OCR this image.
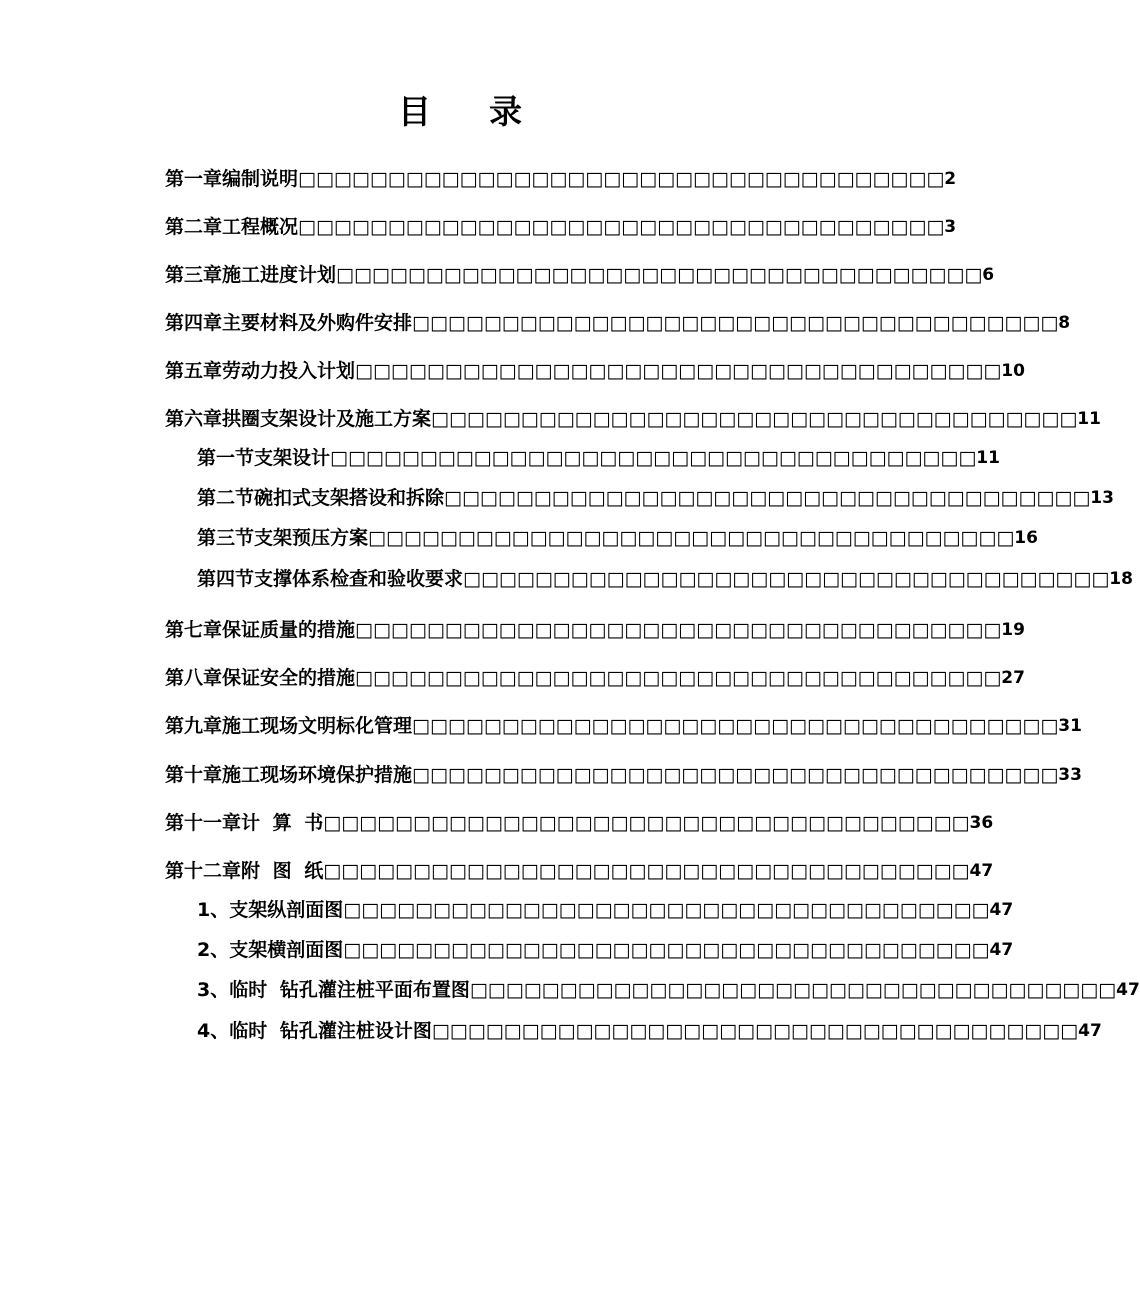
目 录
第一章 编制说明 □□□□□□□□□□□□□□□□□□□□□□□□□□□□□□□□□□□□ 2
第二章 工程概况 □□□□□□□□□□□□□□□□□□□□□□□□□□□□□□□□□□□□ 3
第三章 施工进度计划 □□□□□□□□□□□□□□□□□□□□□□□□□□□□□□□□□□□□ 6
第四章 主要材料及外购件安排 □□□□□□□□□□□□□□□□□□□□□□□□□□□□□□□□□□□□ 8
第五章 劳动力投入计划 □□□□□□□□□□□□□□□□□□□□□□□□□□□□□□□□□□□□ 10
第六章 拱圈支架设计及施工方案 □□□□□□□□□□□□□□□□□□□□□□□□□□□□□□□□□□□□ 11
第一节 支架设计 □□□□□□□□□□□□□□□□□□□□□□□□□□□□□□□□□□□□ 11
第二节 碗扣式支架搭设和拆除 □□□□□□□□□□□□□□□□□□□□□□□□□□□□□□□□□□□□ 13
第三节 支架预压方案 □□□□□□□□□□□□□□□□□□□□□□□□□□□□□□□□□□□□ 16
第四节 支撑体系检查和验收要求 □□□□□□□□□□□□□□□□□□□□□□□□□□□□□□□□□□□□ 18
第七章 保证质量的措施 □□□□□□□□□□□□□□□□□□□□□□□□□□□□□□□□□□□□ 19
第八章 保证安全的措施 □□□□□□□□□□□□□□□□□□□□□□□□□□□□□□□□□□□□ 27
第九章 施工现场文明标化管理 □□□□□□□□□□□□□□□□□□□□□□□□□□□□□□□□□□□□ 31
第十章 施工现场环境保护措施 □□□□□□□□□□□□□□□□□□□□□□□□□□□□□□□□□□□□ 33
第十一章 计 算 书 □□□□□□□□□□□□□□□□□□□□□□□□□□□□□□□□□□□□ 36
第十二章 附 图 纸 □□□□□□□□□□□□□□□□□□□□□□□□□□□□□□□□□□□□ 47
1、 支架纵剖面图 □□□□□□□□□□□□□□□□□□□□□□□□□□□□□□□□□□□□ 47
2、 支架横剖面图 □□□□□□□□□□□□□□□□□□□□□□□□□□□□□□□□□□□□ 47
3、 临时 钻孔灌注桩平面布置图 □□□□□□□□□□□□□□□□□□□□□□□□□□□□□□□□□□□□ 47
4、 临时 钻孔灌注桩设计图 □□□□□□□□□□□□□□□□□□□□□□□□□□□□□□□□□□□□ 47
